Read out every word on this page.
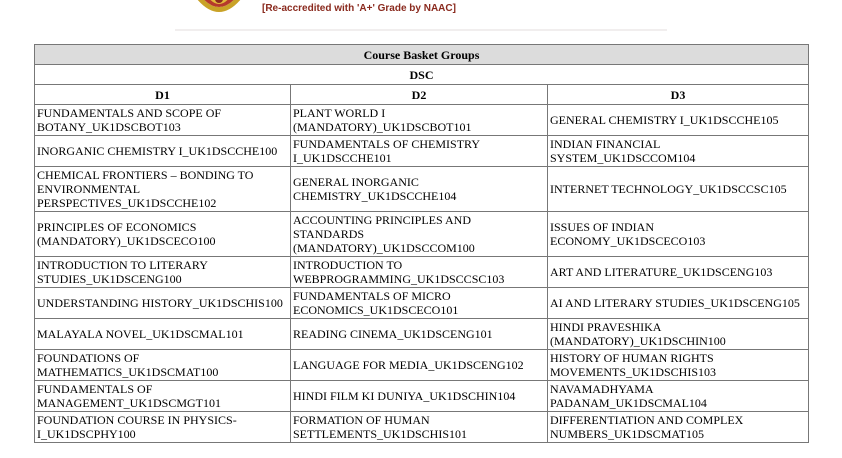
[Re-accredited with 'A+' Grade by NAAC]
Course Basket Groups		
DSC		
D1	D2	D3
FUNDAMENTALS AND SCOPE OF BOTANY_UK1DSCBOT103	PLANT WORLD I (MANDATORY)_UK1DSCBOT101	GENERAL CHEMISTRY I_UK1DSCCHE105
INORGANIC CHEMISTRY I_UK1DSCCHE100	FUNDAMENTALS OF CHEMISTRY I_UK1DSCCHE101	INDIAN FINANCIAL SYSTEM_UK1DSCCOM104
CHEMICAL FRONTIERS – BONDING TO ENVIRONMENTAL PERSPECTIVES_UK1DSCCHE102	GENERAL INORGANIC CHEMISTRY_UK1DSCCHE104	INTERNET TECHNOLOGY_UK1DSCCSC105
PRINCIPLES OF ECONOMICS (MANDATORY)_UK1DSCECO100	ACCOUNTING PRINCIPLES AND STANDARDS (MANDATORY)_UK1DSCCOM100	ISSUES OF INDIAN ECONOMY_UK1DSCECO103
INTRODUCTION TO LITERARY STUDIES_UK1DSCENG100	INTRODUCTION TO WEBPROGRAMMING_UK1DSCCSC103	ART AND LITERATURE_UK1DSCENG103
UNDERSTANDING HISTORY_UK1DSCHIS100	FUNDAMENTALS OF MICRO ECONOMICS_UK1DSCECO101	AI AND LITERARY STUDIES_UK1DSCENG105
MALAYALA NOVEL_UK1DSCMAL101	READING CINEMA_UK1DSCENG101	HINDI PRAVESHIKA (MANDATORY)_UK1DSCHIN100
FOUNDATIONS OF MATHEMATICS_UK1DSCMAT100	LANGUAGE FOR MEDIA_UK1DSCENG102	HISTORY OF HUMAN RIGHTS MOVEMENTS_UK1DSCHIS103
FUNDAMENTALS OF MANAGEMENT_UK1DSCMGT101	HINDI FILM KI DUNIYA_UK1DSCHIN104	NAVAMADHYAMA PADANAM_UK1DSCMAL104
FOUNDATION COURSE IN PHYSICS-I_UK1DSCPHY100	FORMATION OF HUMAN SETTLEMENTS_UK1DSCHIS101	DIFFERENTIATION AND COMPLEX NUMBERS_UK1DSCMAT105
